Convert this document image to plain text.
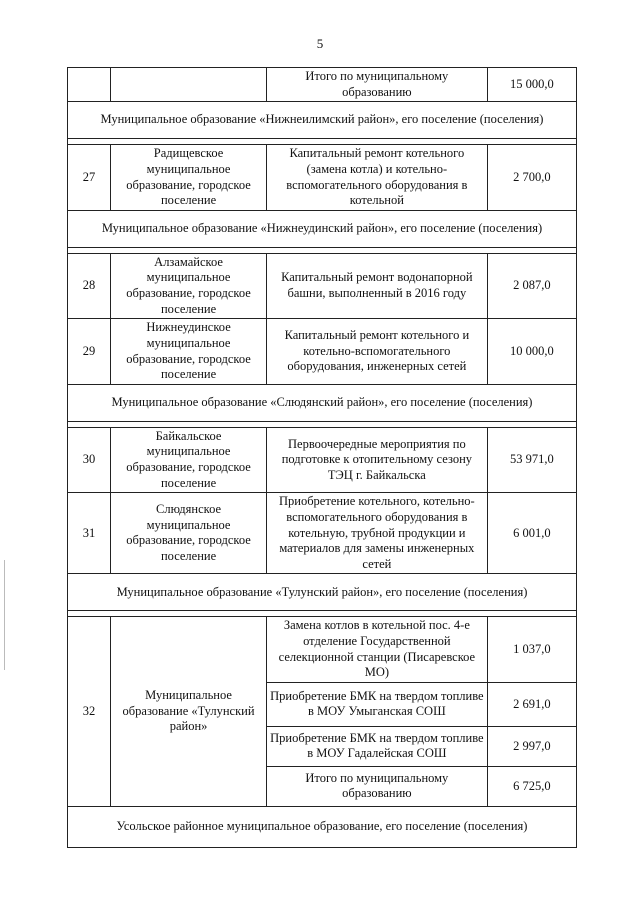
5
		Итого по муниципальному образованию	15 000,0
Муниципальное образование «Нижнеилимский район», его поселение (поселения)			

27	Радищевское муниципальное образование, городское поселение	Капитальный ремонт котельного (замена котла) и котельно-вспомогательного оборудования в котельной	2 700,0
Муниципальное образование «Нижнеудинский район», его поселение (поселения)			

28	Алзамайское муниципальное образование, городское поселение	Капитальный ремонт водонапорной башни, выполненный в 2016 году	2 087,0
29	Нижнеудинское муниципальное образование, городское поселение	Капитальный ремонт котельного и котельно-вспомогательного оборудования, инженерных сетей	10 000,0
Муниципальное образование «Слюдянский район», его поселение (поселения)			

30	Байкальское муниципальное образование, городское поселение	Первоочередные мероприятия по подготовке к отопительному сезону ТЭЦ г. Байкальска	53 971,0
31	Слюдянское муниципальное образование, городское поселение	Приобретение котельного, котельно-вспомогательного оборудования в котельную, трубной продукции и материалов для замены инженерных сетей	6 001,0
Муниципальное образование «Тулунский район», его поселение (поселения)			

32	Муниципальное образование «Тулунский район»	Замена котлов в котельной пос. 4-е отделение Государственной селекционной станции (Писаревское МО)	1 037,0
		Приобретение БМК на твердом топливе в МОУ Умыганская СОШ	2 691,0
		Приобретение БМК на твердом топливе в МОУ Гадалейская СОШ	2 997,0
		Итого по муниципальному образованию	6 725,0
Усольское районное муниципальное образование, его поселение (поселения)			
